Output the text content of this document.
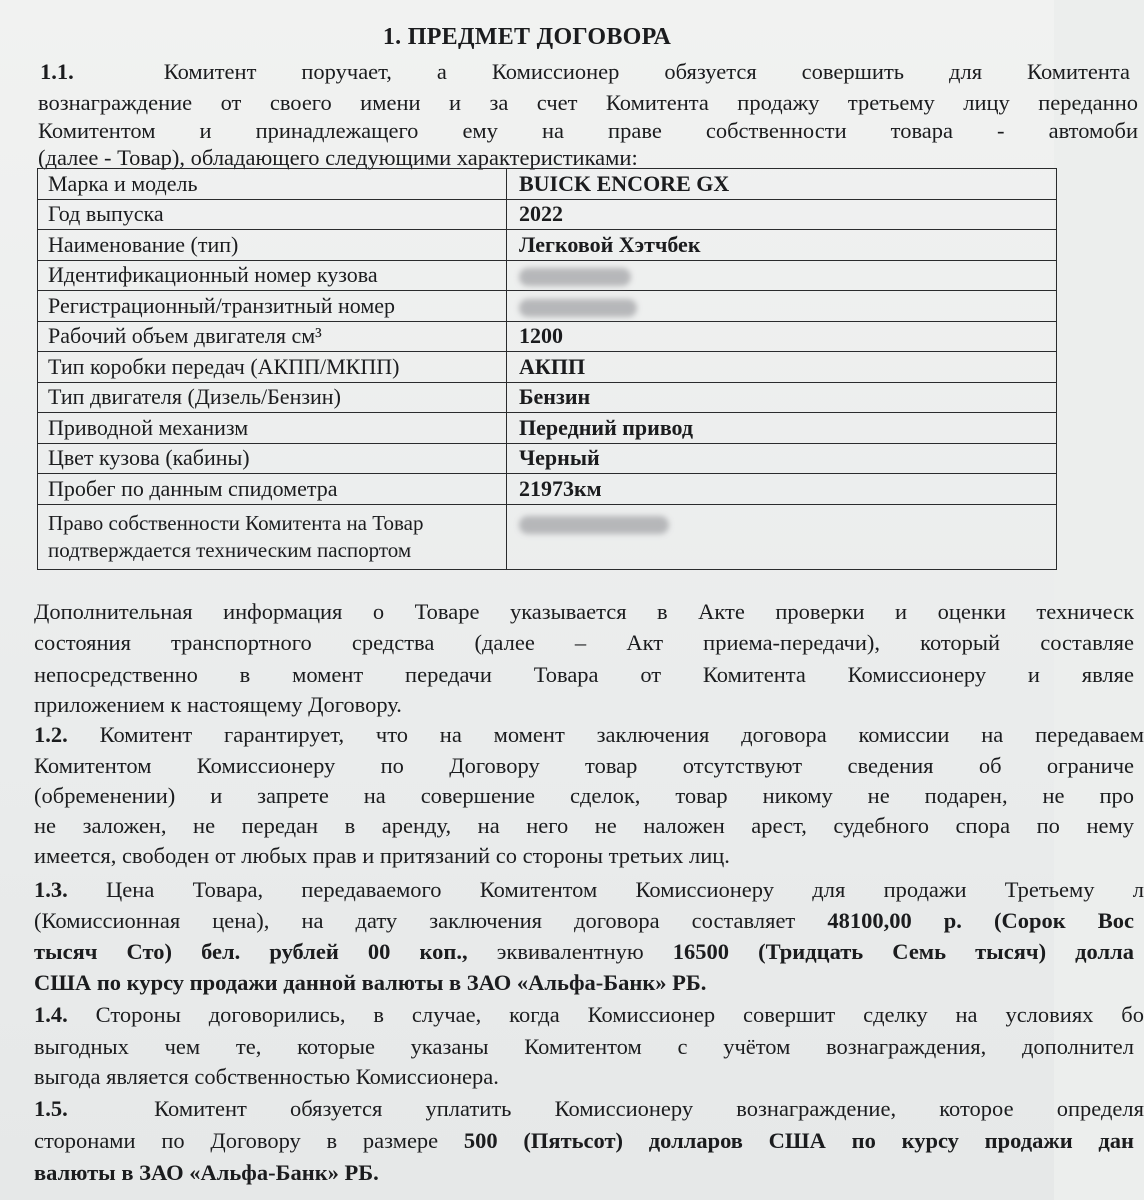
1. ПРЕДМЕТ ДОГОВОРА
1.1.	Комитент поручает, а Комиссионер обязуется совершить для Комитента
вознаграждение от своего имени и за счет Комитента продажу третьему лицу переданно
Комитентом и принадлежащего ему на праве собственности товара - автомоби
(далее - Товар), обладающего следующими характеристиками:
Марка и модель	BUICK ENCORE GX
Год выпуска	2022
Наименование (тип)	Легковой Хэтчбек
Идентификационный номер кузова	
Регистрационный/транзитный номер	
Рабочий объем двигателя см³	1200
Тип коробки передач (АКПП/МКПП)	АКПП
Тип двигателя (Дизель/Бензин)	Бензин
Приводной механизм	Передний привод
Цвет кузова (кабины)	Черный
Пробег по данным спидометра	21973км
Право собственности Комитента на Товар подтверждается техническим паспортом	
Дополнительная информация о Товаре указывается в Акте проверки и оценки техническ
состояния транспортного средства (далее – Акт приема-передачи), который составляе
непосредственно в момент передачи Товара от Комитента Комиссионеру и являе
приложением к настоящему Договору.
1.2. Комитент гарантирует, что на момент заключения договора комиссии на передаваем
Комитентом Комиссионеру по Договору товар отсутствуют сведения об ограниче
(обременении) и запрете на совершение сделок, товар никому не подарен, не про
не заложен, не передан в аренду, на него не наложен арест, судебного спора по нему
имеется, свободен от любых прав и притязаний со стороны третьих лиц.
1.3. Цена Товара, передаваемого Комитентом Комиссионеру для продажи Третьему л
(Комиссионная цена), на дату заключения договора составляет 48100,00 р. (Сорок Вос
тысяч Сто) бел. рублей 00 коп., эквивалентную 16500 (Тридцать Семь тысяч) долла
США по курсу продажи данной валюты в ЗАО «Альфа-Банк» РБ.
1.4. Стороны договорились, в случае, когда Комиссионер совершит сделку на условиях бо
выгодных чем те, которые указаны Комитентом с учётом вознаграждения, дополнител
выгода является собственностью Комиссионера.
1.5.	Комитент обязуется уплатить Комиссионеру вознаграждение, которое определя
сторонами по Договору в размере 500 (Пятьсот) долларов США по курсу продажи дан
валюты в ЗАО «Альфа-Банк» РБ.
